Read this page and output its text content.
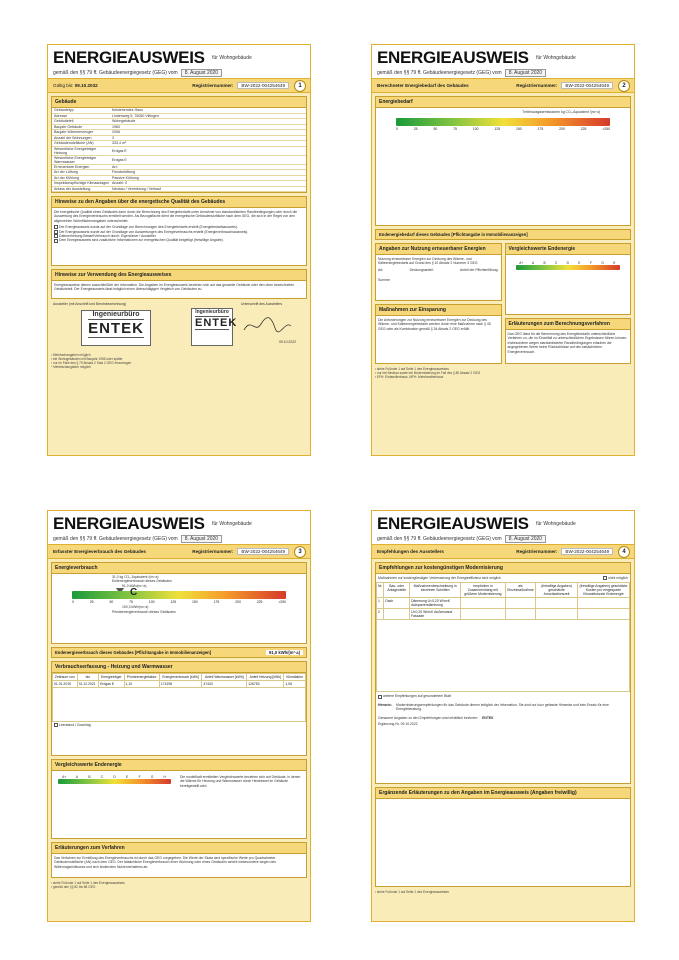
ENERGIEAUSWEIS für Wohngebäude
gemäß den §§ 79 ff. Gebäudeenergiegesetz (GEG) vom 8. August 2020
Gültig bis:
09.10.2032	Registriernummer:	BW-2022-004254649	1
Gebäude
Gebäudetyp	freistehendes Haus
Adresse	Lindenweg 5, 78050 Villingen
Gebäudeteil	Wohngebäude
Baujahr Gebäude	1960
Baujahr Wärmeerzeuger	2006
Anzahl der Wohnungen	3
Gebäudenutzfläche (AN)	333,4 m²
Wesentliche Energieträger Heizung	Erdgas E
Wesentliche Energieträger Warmwasser	Erdgas E
Erneuerbare Energien	Art:
Art der Lüftung	Fensterlüftung
Art der Kühlung	Passive Kühlung
Inspektionspflichtige Klimaanlagen Anzahl: 0
Anlass der Ausstellung	Neubau / Vermietung / Verkauf
Hinweise zu den Angaben über die energetische Qualität des Gebäudes
Die energetische Qualität eines Gebäudes kann durch die Berechnung des Energiebedarfs unter Annahme von standardisierten Randbedingungen oder durch die Auswertung des Energieverbrauchs ermittelt werden. Als Bezugsfläche dient die energetische Gebäudenutzfläche nach dem GEG, die sich in der Regel von den allgemeinen Wohnflächenangaben unterscheidet.
Der Energieausweis wurde auf der Grundlage von Berechnungen des Energiebedarfs erstellt (Energiebedarfsausweis).
Der Energieausweis wurde auf der Grundlage von Auswertungen des Energieverbrauchs erstellt (Energieverbrauchsausweis).
Datenerhebung Bedarf/Verbrauch durch: Eigentümer / Aussteller
Dem Energieausweis sind zusätzliche Informationen zur energetischen Qualität beigefügt (freiwillige Angabe).
Hinweise zur Verwendung des Energieausweises
Energieausweise dienen ausschließlich der Information. Die Angaben im Energieausweis beziehen sich auf das gesamte Gebäude oder den oben bezeichneten Gebäudeteil. Der Energieausweis lässt lediglich einen überschlägigen Vergleich von Gebäuden zu.
Aussteller (mit Anschrift und Berufsbezeichnung)
Ingenieurbüro
ENTEK
Ingenieurbüro
ENTEK
Unterschrift des Ausstellers
09.10.2022
¹ Mehrfachangaben möglich
² bei Wohngebäuden mit Baujahr 1955 oder später
³ nur im Falle des § 79 Absatz 2 Satz 2 GEG einzutragen
⁴ Mehrfachangaben möglich
ENERGIEAUSWEIS für Wohngebäude
gemäß den §§ 79 ff. Gebäudeenergiegesetz (GEG) vom 8. August 2020
Berechneter Energiebedarf des Gebäudes	Registriernummer:	BW-2022-004254649	2
Energiebedarf
Treibhausgasemissionen kg CO₂-Äquivalent /(m²·a)
0	25	50	75	100	125	150	175	200	225	>250
Endenergiebedarf dieses Gebäudes [Pflichtangabe in Immobilienanzeigen]
Angaben zur Nutzung erneuerbarer Energien
Nutzung erneuerbarer Energien zur Deckung des Wärme- und Kälteenergiebedarfs auf Grund des § 10 Absatz 2 Nummer 3 GEG
Art:	Deckungsanteil:	Anteil der Pflichterfüllung:
Summe:
Maßnahmen zur Einsparung
Die Anforderungen zur Nutzung erneuerbarer Energien zur Deckung des Wärme- und Kälteenergiebedarfs werden durch eine Maßnahme nach § 45 GEG oder als Kombination gemäß § 34 Absatz 2 GEG erfüllt.
Vergleichswerte Endenergie
A+	A	B	C	D	E	F	G	H
Erläuterungen zum Berechnungsverfahren
Das GEG lässt für die Berechnung des Energiebedarfs unterschiedliche Verfahren zu, die im Einzelfall zu unterschiedlichen Ergebnissen führen können. Insbesondere wegen standardisierter Randbedingungen erlauben die angegebenen Werte keine Rückschlüsse auf den tatsächlichen Energieverbrauch.
¹ siehe Fußnote 1 auf Seite 1 des Energieausweises
² nur bei Neubau sowie bei Modernisierung im Fall des § 80 Absatz 2 GEG
³ EFH: Einfamilienhaus, MFH: Mehrfamilienhaus
ENERGIEAUSWEIS für Wohngebäude
gemäß den §§ 79 ff. Gebäudeenergiegesetz (GEG) vom 8. August 2020
Erfasster Energieverbrauch des Gebäudes	Registriernummer:	BW-2022-004254649	3
Energieverbrauch
31,0 kg CO₂-Äquivalent /(m²·a)
Endenergieverbrauch dieses Gebäudes
91,0 kWh/(m²·a)
C
0	25	50	75	100	125	150	175	200	225	>250
100,3 kWh/(m²·a)
Primärenergieverbrauch dieses Gebäudes
Endenergieverbrauch dieses Gebäudes [Pflichtangabe in Immobilienanzeigen]	91,0 kWh/(m²·a)
Verbrauchserfassung - Heizung und Warmwasser
Zeitraum von	bis	Energieträger	Primärenergiefaktor	Energieverbrauch [kWh]	Anteil Warmwasser [kWh]	Anteil Heizung [kWh]	Klimafaktor
01.01.2019	31.12.2021	Erdgas E	1,10	174196	47443	126753	1,06

Leerstand / Zuschlag
Vergleichswerte Endenergie
A+	A	B	C	D	E	F	G	H	Die modellhaft ermittelten Vergleichswerte beziehen sich auf Gebäude, in denen die Wärme für Heizung und Warmwasser durch Heizkessel im Gebäude bereitgestellt wird.
Erläuterungen zum Verfahren
Das Verfahren zur Ermittlung des Energieverbrauchs ist durch das GEG vorgegeben. Die Werte der Skala sind spezifische Werte pro Quadratmeter Gebäudenutzfläche (AN) nach dem GEG. Der tatsächliche Energieverbrauch einer Wohnung oder eines Gebäudes weicht insbesondere wegen des Witterungseinflusses und sich ändernden Nutzerverhaltens ab.
¹ siehe Fußnote 1 auf Seite 1 des Energieausweises
² gemäß den §§ 82 bis 86 GEG
ENERGIEAUSWEIS für Wohngebäude
gemäß den §§ 79 ff. Gebäudeenergiegesetz (GEG) vom 8. August 2020
Empfehlungen des Ausstellers	Registriernummer:	BW-2022-004254649	4
Empfehlungen zur kostengünstigen Modernisierung
Maßnahmen zur kostengünstigen Verbesserung der Energieeffizienz sind möglich	nicht möglich
Nr.	Bau- oder Anlagenteile	Maßnahmenbeschreibung in einzelnen Schritten	empfohlen in Zusammenhang mit größerer Modernisierung	als Einzelmaßnahme	(freiwillige Angaben) geschätzte Amortisationszeit	(freiwillige Angaben) geschätzte Kosten pro eingesparte Kilowattstunde Endenergie
1	Dach	Dämmung U<0,20 W/m²K Aufsparrendämmung				
2		U<0,20 W/m²K Außenwand Fassade				

weitere Empfehlungen auf gesondertem Blatt
Hinweis: Modernisierungsempfehlungen für das Gebäude dienen lediglich der Information. Sie sind nur kurz gefasste Hinweise und kein Ersatz für eine Energieberatung.
Genauere Angaben zu den Empfehlungen sind erhältlich bei/unter: ENTEK
Ergänzung Nr. 09.10.2022
Ergänzende Erläuterungen zu den Angaben im Energieausweis (Angaben freiwillig)
¹ siehe Fußnote 1 auf Seite 1 des Energieausweises
